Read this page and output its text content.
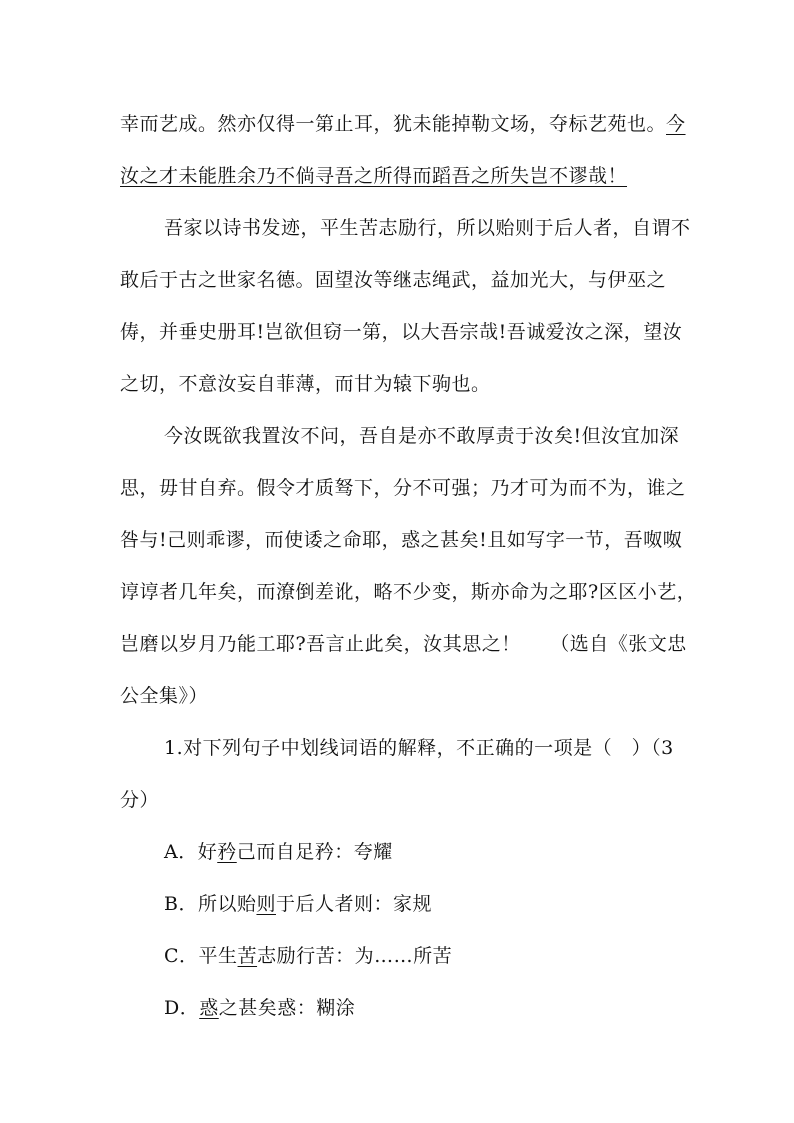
幸而艺成。然亦仅得一第止耳，犹未能掉勒文场，夺标艺苑也。今
汝之才未能胜余乃不倘寻吾之所得而蹈吾之所失岂不谬哉！
吾家以诗书发迹，平生苦志励行，所以贻则于后人者，自谓不
敢后于古之世家名德。固望汝等继志绳武，益加光大，与伊巫之
俦，并垂史册耳!岂欲但窃一第，以大吾宗哉!吾诚爱汝之深，望汝
之切，不意汝妄自菲薄，而甘为辕下驹也。
今汝既欲我置汝不问，吾自是亦不敢厚责于汝矣!但汝宜加深
思，毋甘自弃。假令才质驽下，分不可强；乃才可为而不为，谁之
咎与!己则乖谬，而使诿之命耶，惑之甚矣!且如写字一节，吾呶呶
谆谆者几年矣，而潦倒差讹，略不少变，斯亦命为之耶?区区小艺，
岂磨以岁月乃能工耶?吾言止此矣，汝其思之！　　（选自《张文忠
公全集》）
1.对下列句子中划线词语的解释，不正确的一项是（　）（3
分）
A．好矜己而自足矜：夸耀
B．所以贻则于后人者则：家规
C．平生苦志励行苦：为……所苦
D．惑之甚矣惑：糊涂
